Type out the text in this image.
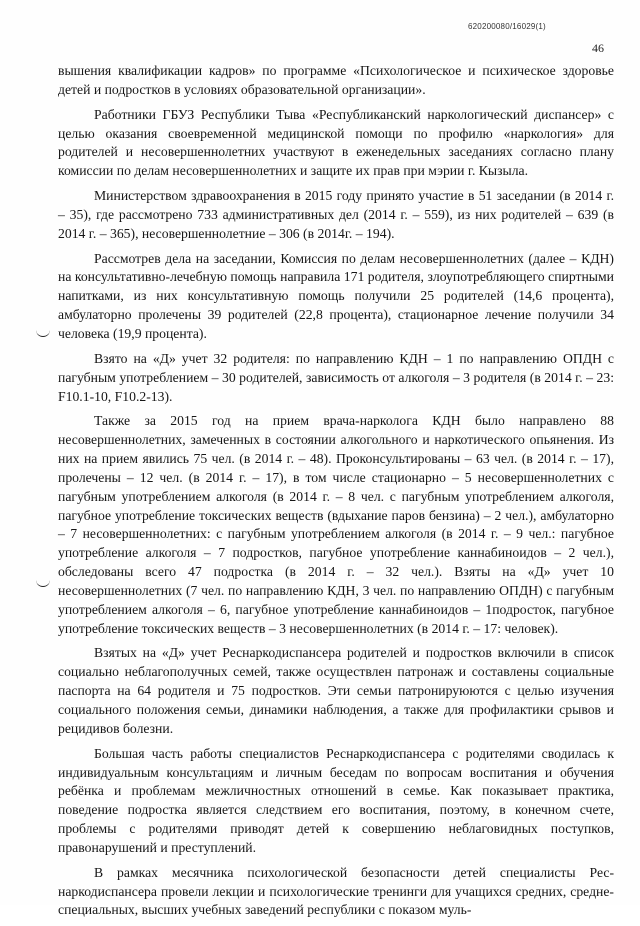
620200080/16029(1)
46

вышения квалификации кадров» по программе «Психологическое и психическое здоровье детей и подростков в условиях образовательной организации».

Работники ГБУЗ Республики Тыва «Республиканский наркологический диспансер» с целью оказания своевременной медицинской помощи по профилю «наркология» для родителей и несовершеннолетних участвуют в еженедельных заседаниях согласно плану комиссии по делам несовершеннолетних и защите их прав при мэрии г. Кызыла.

Министерством здравоохранения в 2015 году принято участие в 51 заседании (в 2014 г. – 35), где рассмотрено 733 административных дел (2014 г. – 559), из них родителей – 639 (в 2014 г. – 365), несовершеннолетние – 306 (в 2014г. – 194).

Рассмотрев дела на заседании, Комиссия по делам несовершеннолетних (далее – КДН) на консультативно-лечебную помощь направила 171 родителя, злоупотребляющего спиртными напитками, из них консультативную помощь получили 25 родителей (14,6 процента), амбулаторно пролечены 39 родителей (22,8 процента), стационарное лечение получили 34 человека (19,9 процента).

Взято на «Д» учет 32 родителя: по направлению КДН – 1 по направлению ОПДН с пагубным употреблением – 30 родителей, зависимость от алкоголя – 3 родителя (в 2014 г. – 23: F10.1-10, F10.2-13).

Также за 2015 год на прием врача-нарколога КДН было направлено 88 несовершеннолетних, замеченных в состоянии алкогольного и наркотического опьянения. Из них на прием явились 75 чел. (в 2014 г. – 48). Проконсультированы – 63 чел. (в 2014 г. – 17), пролечены – 12 чел. (в 2014 г. – 17), в том числе стационарно – 5 несовершеннолетних с пагубным употреблением алкоголя (в 2014 г. – 8 чел. с пагубным употреблением алкоголя, пагубное употребление токсических веществ (вдыхание паров бензина) – 2 чел.), амбулаторно – 7 несовершеннолетних: с пагубным употреблением алкоголя (в 2014 г. – 9 чел.: пагубное употребление алкоголя – 7 подростков, пагубное употребление каннабиноидов – 2 чел.), обследованы всего 47 подростка (в 2014 г. – 32 чел.). Взяты на «Д» учет 10 несовершеннолетних (7 чел. по направлению КДН, 3 чел. по направлению ОПДН) с пагубным употреблением алкоголя – 6, пагубное употребление каннабиноидов – 1подросток, пагубное употребление токсических веществ – 3 несовершеннолетних (в 2014 г. – 17: человек).

Взятых на «Д» учет Реснаркодиспансера родителей и подростков включили в список социально неблагополучных семей, также осуществлен патронаж и составлены социальные паспорта на 64 родителя и 75 подростков. Эти семьи патронируюются с целью изучения социального положения семьи, динамики наблюдения, а также для профилактики срывов и рецидивов болезни.

Большая часть работы специалистов Реснаркодиспансера с родителями сводилась к индивидуальным консультациям и личным беседам по вопросам воспитания и обучения ребёнка и проблемам межличностных отношений в семье. Как показывает практика, поведение подростка является следствием его воспитания, поэтому, в конечном счете, проблемы с родителями приводят детей к совершению неблаговидных поступков, правонарушений и преступлений.

В рамках месячника психологической безопасности детей специалисты Реснаркодиспансера провели лекции и психологические тренинги для учащихся средних, средне-специальных, высших учебных заведений республики с показом муль-
